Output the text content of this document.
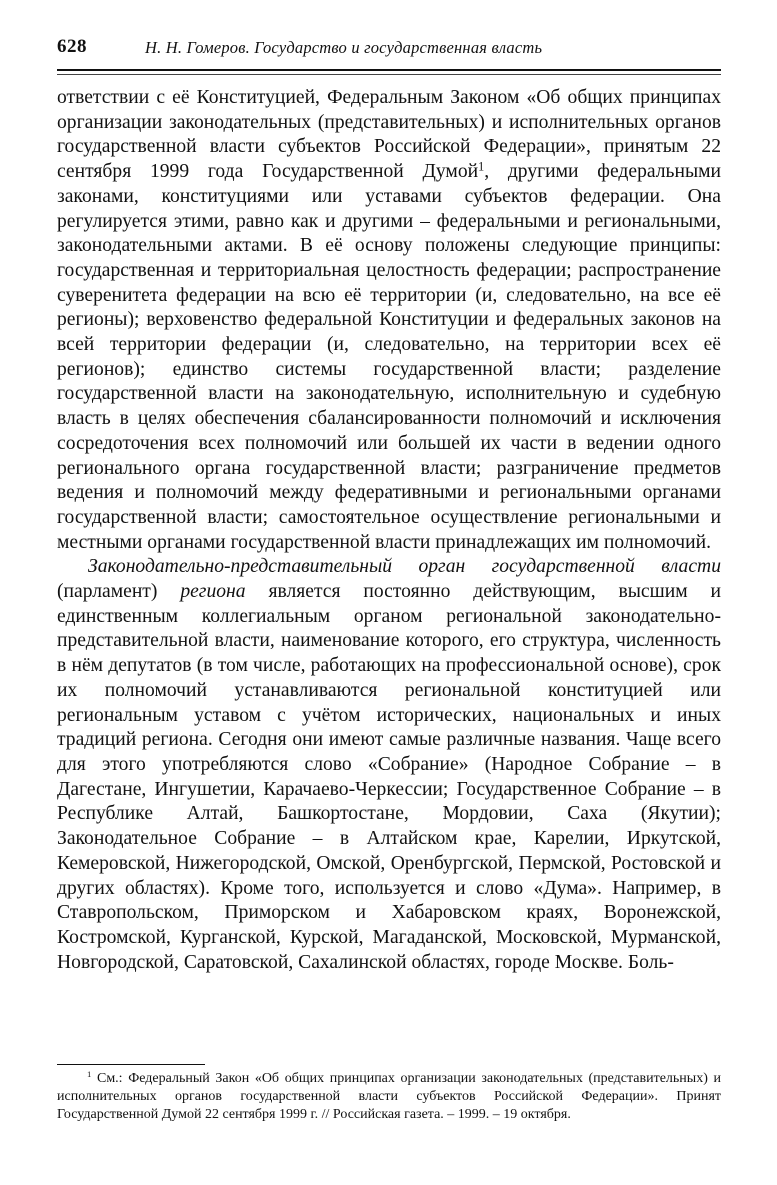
628	Н. Н. Гомеров. Государство и государственная власть

ответствии с её Конституцией, Федеральным Законом «Об общих принципах организации законодательных (представительных) и исполнительных органов государственной власти субъектов Российской Федерации», принятым 22 сентября 1999 года Государственной Думой$^1$, другими федеральными законами, конституциями или уставами субъектов федерации. Она регулируется этими, равно как и другими – федеральными и региональными, законодательными актами. В её основу положены следующие принципы: государственная и территориальная целостность федерации; распространение суверенитета федерации на всю её территории (и, следовательно, на все её регионы); верховенство федеральной Конституции и федеральных законов на всей территории федерации (и, следовательно, на территории всех её регионов); единство системы государственной власти; разделение государственной власти на законодательную, исполнительную и судебную власть в целях обеспечения сбалансированности полномочий и исключения сосредоточения всех полномочий или большей их части в ведении одного регионального органа государственной власти; разграничение предметов ведения и полномочий между федеративными и региональными органами государственной власти; самостоятельное осуществление региональными и местными органами государственной власти принадлежащих им полномочий.

Законодательно-представительный орган государственной власти (парламент) региона является постоянно действующим, высшим и единственным коллегиальным органом региональной законодательно-представительной власти, наименование которого, его структура, численность в нём депутатов (в том числе, работающих на профессиональной основе), срок их полномочий устанавливаются региональной конституцией или региональным уставом с учётом исторических, национальных и иных традиций региона. Сегодня они имеют самые различные названия. Чаще всего для этого употребляются слово «Собрание» (Народное Собрание – в Дагестане, Ингушетии, Карачаево-Черкессии; Государственное Собрание – в Республике Алтай, Башкортостане, Мордовии, Саха (Якутии); Законодательное Собрание – в Алтайском крае, Карелии, Иркутской, Кемеровской, Нижегородской, Омской, Оренбургской, Пермской, Ростовской и других областях). Кроме того, используется и слово «Дума». Например, в Ставропольском, Приморском и Хабаровском краях, Воронежской, Костромской, Курганской, Курской, Магаданской, Московской, Мурманской, Новгородской, Саратовской, Сахалинской областях, городе Москве. Боль-

$^1$ См.: Федеральный Закон «Об общих принципах организации законодательных (представительных) и исполнительных органов государственной власти субъектов Российской Федерации». Принят Государственной Думой 22 сентября 1999 г. // Российская газета. – 1999. – 19 октября.
